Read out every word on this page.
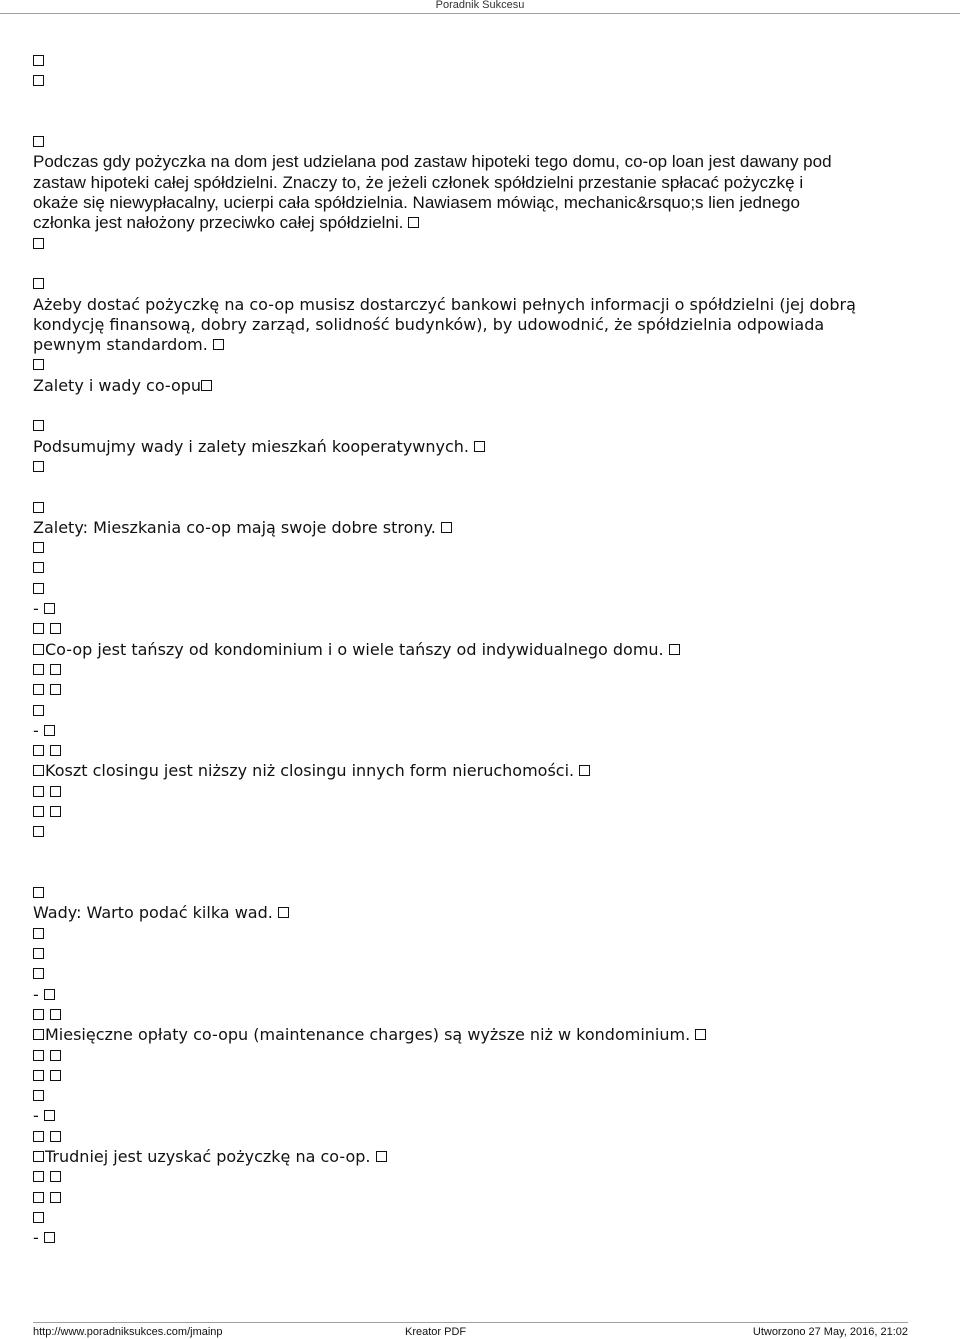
Poradnik Sukcesu
Podczas gdy pożyczka na dom jest udzielana pod zastaw hipoteki tego domu, co-op loan jest dawany pod
zastaw hipoteki całej spółdzielni. Znaczy to, że jeżeli członek spółdzielni przestanie spłacać pożyczkę i
okaże się niewypłacalny, ucierpi cała spółdzielnia. Nawiasem mówiąc, mechanic&rsquo;s lien jednego
członka jest nałożony przeciwko całej spółdzielni.
Ażeby dostać pożyczkę na co-op musisz dostarczyć bankowi pełnych informacji o spółdzielni (jej dobrą
kondycję finansową, dobry zarząd, solidność budynków), by udowodnić, że spółdzielnia odpowiada
pewnym standardom.
Zalety i wady co-opu
Podsumujmy wady i zalety mieszkań kooperatywnych.
Zalety: Mieszkania co-op mają swoje dobre strony.
-

Co-op jest tańszy od kondominium i o wiele tańszy od indywidualnego domu.

-

Koszt closingu jest niższy niż closingu innych form nieruchomości.

Wady: Warto podać kilka wad.
-

Miesięczne opłaty co-opu (maintenance charges) są wyższe niż w kondominium.

-

Trudniej jest uzyskać pożyczkę na co-op.

-
http://www.poradniksukces.com/jmainp	Kreator PDF	Utworzono 27 May, 2016, 21:02
